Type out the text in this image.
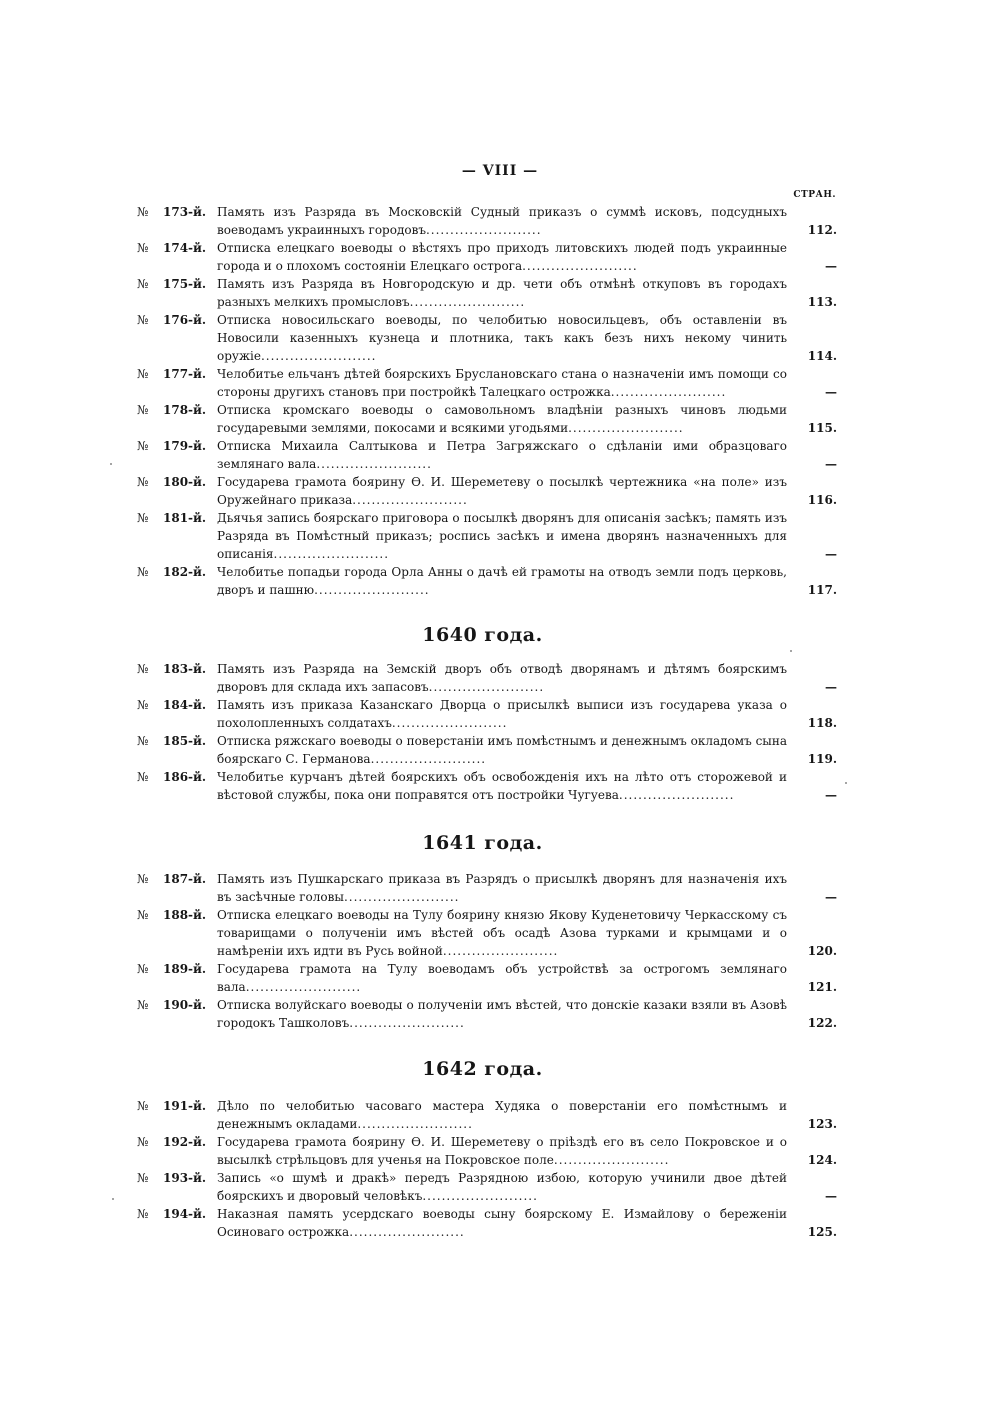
— VIII —
СТРАН.
№	173-й. Память изъ Разряда въ Московскій Судный приказъ о суммѣ исковъ, подсудныхъ воеводамъ украинныхъ городовъ........................	112.
№	174-й. Отписка елецкаго воеводы о вѣстяхъ про приходъ литовскихъ людей подъ украинные города и о плохомъ состояніи Елецкаго острога........................	—
№	175-й. Память изъ Разряда въ Новгородскую и др. чети объ отмѣнѣ откуповъ въ городахъ разныхъ мелкихъ промысловъ........................	113.
№	176-й. Отписка новосильскаго воеводы, по челобитью новосильцевъ, объ оставленіи въ Новосили казенныхъ кузнеца и плотника, такъ какъ безъ нихъ некому чинить оружіе........................	114.
№	177-й. Челобитье ельчанъ дѣтей боярскихъ Бруслановскаго стана о назначеніи имъ помощи со стороны другихъ становъ при постройкѣ Талецкаго острожка........................	—
№	178-й. Отписка кромскаго воеводы о самовольномъ владѣніи разныхъ чиновъ людьми государевыми землями, покосами и всякими угодьями........................	115.
№	179-й. Отписка Михаила Салтыкова и Петра Загряжскаго о сдѣланіи ими образцоваго землянаго вала........................	—
№	180-й. Государева грамота боярину Ѳ. И. Шереметеву о посылкѣ чертежника «на поле» изъ Оружейнаго приказа........................	116.
№	181-й. Дьячья запись боярскаго приговора о посылкѣ дворянъ для описанія засѣкъ; память изъ Разряда въ Помѣстный приказъ; роспись засѣкъ и имена дворянъ назначенныхъ для описанія........................	—
№	182-й. Челобитье попадьи города Орла Анны о дачѣ ей грамоты на отводъ земли подъ церковь, дворъ и пашню........................	117.
1640 года.
№	183-й. Память изъ Разряда на Земскій дворъ объ отводѣ дворянамъ и дѣтямъ боярскимъ дворовъ для склада ихъ запасовъ........................	—
№	184-й. Память изъ приказа Казанскаго Дворца о присылкѣ выписи изъ государева указа о похолопленныхъ солдатахъ........................	118.
№	185-й. Отписка ряжскаго воеводы о поверстаніи имъ помѣстнымъ и денежнымъ окладомъ сына боярскаго С. Германова........................	119.
№	186-й. Челобитье курчанъ дѣтей боярскихъ объ освобожденія ихъ на лѣто отъ сторожевой и вѣстовой службы, пока они поправятся отъ постройки Чугуева........................	—
1641 года.
№	187-й. Память изъ Пушкарскаго приказа въ Разрядъ о присылкѣ дворянъ для назначенія ихъ въ засѣчные головы........................	—
№	188-й. Отписка елецкаго воеводы на Тулу боярину князю Якову Куденетовичу Черкасскому съ товарищами о полученіи имъ вѣстей объ осадѣ Азова турками и крымцами и о намѣреніи ихъ идти въ Русь войной........................	120.
№	189-й. Государева грамота на Тулу воеводамъ объ устройствѣ за острогомъ землянаго вала........................	121.
№	190-й. Отписка волуйскаго воеводы о полученіи имъ вѣстей, что донскіе казаки взяли въ Азовѣ городокъ Ташколовъ........................	122.
1642 года.
№	191-й. Дѣло по челобитью часоваго мастера Худяка о поверстаніи его помѣстнымъ и денежнымъ окладами........................	123.
№	192-й. Государева грамота боярину Ѳ. И. Шереметеву о пріѣздѣ его въ село Покровское и о высылкѣ стрѣльцовъ для ученья на Покровское поле........................	124.
№	193-й. Запись «о шумѣ и дракѣ» передъ Разрядною избою, которую учинили двое дѣтей боярскихъ и дворовый человѣкъ........................	—
№	194-й. Наказная память усердскаго воеводы сыну боярскому Е. Измайлову о береженіи Осиноваго острожка........................	125.
